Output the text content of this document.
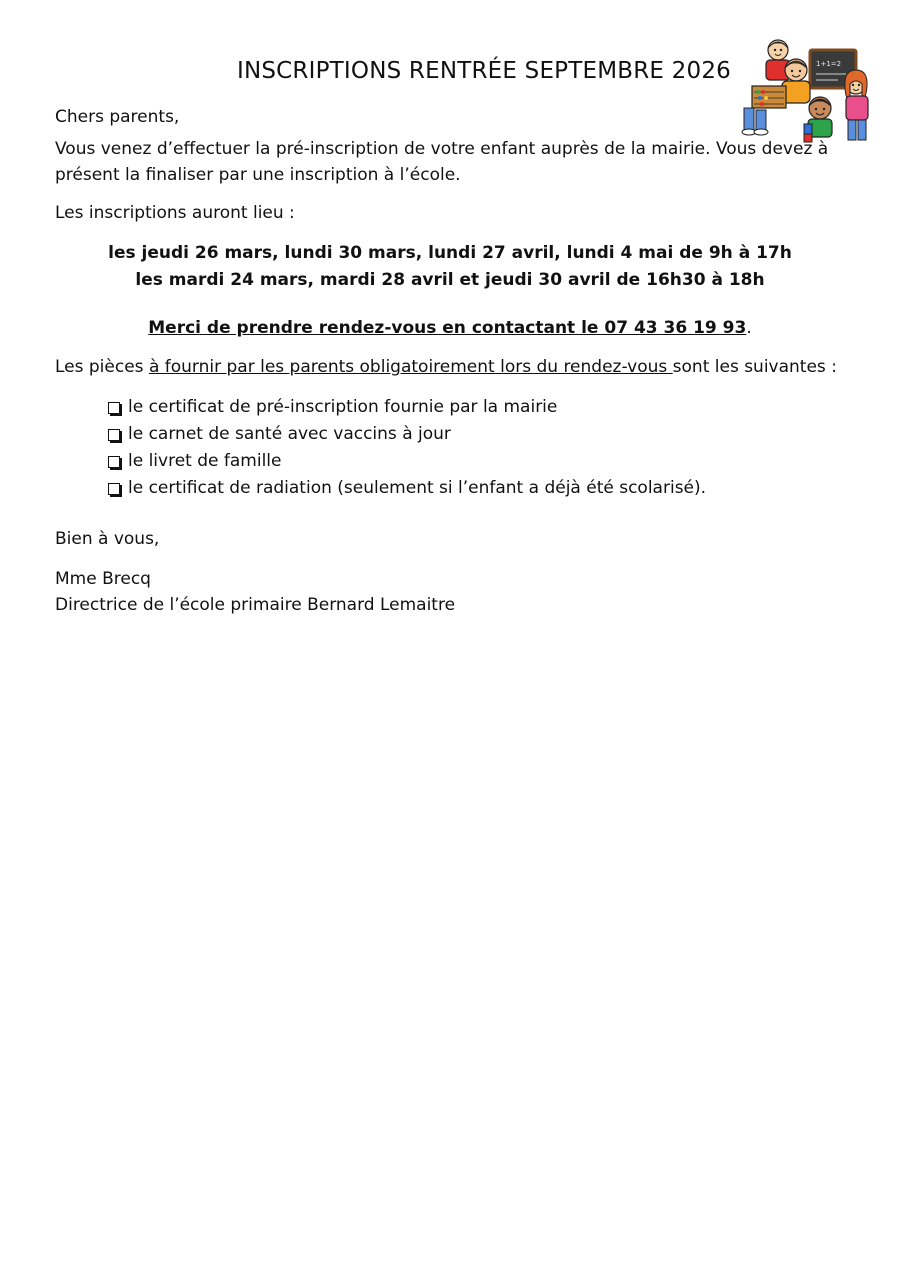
1+1=2
INSCRIPTIONS RENTRÉE SEPTEMBRE 2026

Chers parents,

Vous venez d’effectuer la pré-inscription de votre enfant auprès de la mairie. Vous devez à

présent la finaliser par une inscription à l’école.

Les inscriptions auront lieu :
les jeudi 26 mars, lundi 30 mars, lundi 27 avril, lundi 4 mai de 9h à 17h
les mardi 24 mars, mardi 28 avril et jeudi 30 avril de 16h30 à 18h
Merci de prendre rendez-vous en contactant le 07 43 36 19 93.
Les pièces à fournir par les parents obligatoirement lors du rendez-vous sont les suivantes :
le certificat de pré-inscription fournie par la mairie
le carnet de santé avec vaccins à jour
le livret de famille
le certificat de radiation (seulement si l’enfant a déjà été scolarisé).
Bien à vous,

Mme Brecq

Directrice de l’école primaire Bernard Lemaitre
